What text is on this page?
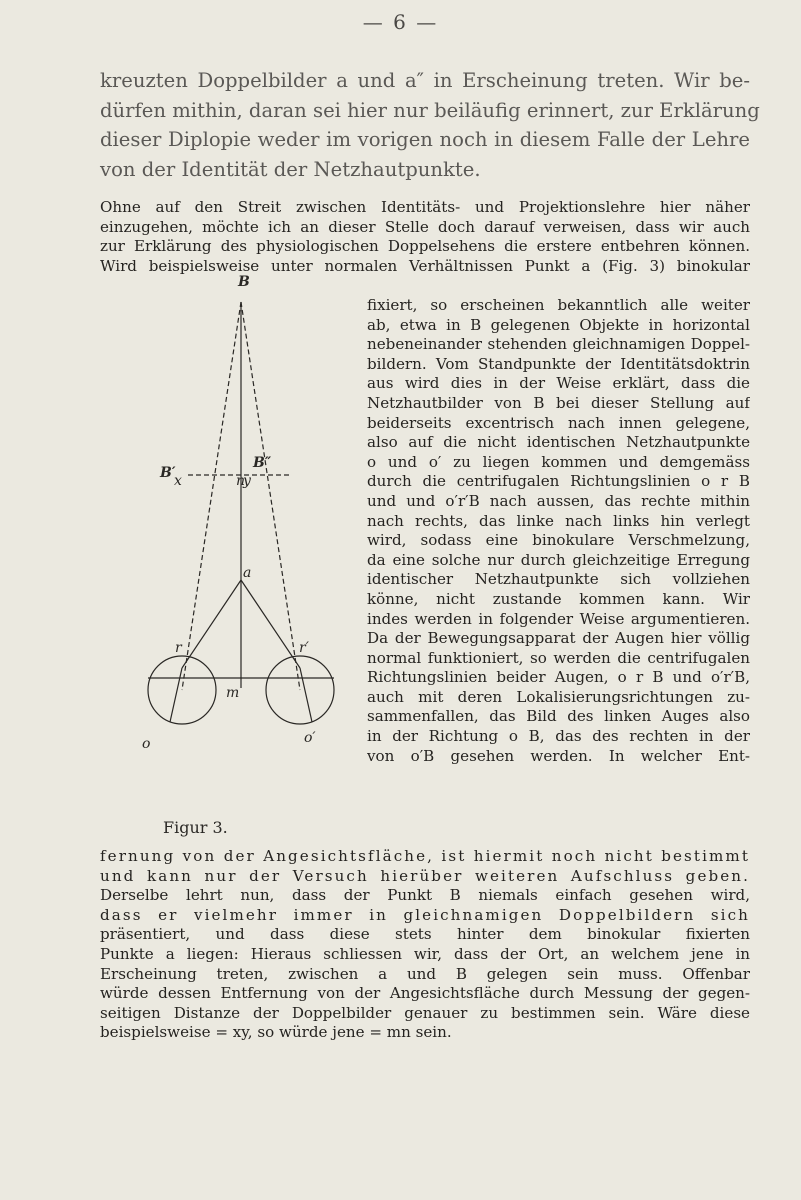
— 6 —
kreuzten Doppelbilder a und a″ in Erscheinung treten. Wir be-
dürfen mithin, daran sei hier nur beiläufig erinnert, zur Erklärung
dieser Diplopie weder im vorigen noch in diesem Falle der Lehre
von der Identität der Netzhautpunkte.
Ohne auf den Streit zwischen Identitäts- und Projektionslehre hier näher
einzugehen, möchte ich an dieser Stelle doch darauf verweisen, dass wir auch
zur Erklärung des physiologischen Doppelsehens die erstere entbehren können.
Wird beispielsweise unter normalen Verhältnissen Punkt a (Fig. 3) binokular
fixiert, so erscheinen bekanntlich alle weiter
ab, etwa in B gelegenen Objekte in horizontal
nebeneinander stehenden gleichnamigen Doppel-
bildern. Vom Standpunkte der Identitätsdoktrin
aus wird dies in der Weise erklärt, dass die
Netzhautbilder von B bei dieser Stellung auf
beiderseits excentrisch nach innen gelegene,
also auf die nicht identischen Netzhautpunkte
o und o′ zu liegen kommen und demgemäss
durch die centrifugalen Richtungslinien o r B
und und o′r′B nach aussen, das rechte mithin
nach rechts, das linke nach links hin verlegt
wird, sodass eine binokulare Verschmelzung,
da eine solche nur durch gleichzeitige Erregung
identischer Netzhautpunkte sich vollziehen
könne, nicht zustande kommen kann. Wir
indes werden in folgender Weise argumentieren.
Da der Bewegungsapparat der Augen hier völlig
normal funktioniert, so werden die centrifugalen
Richtungslinien beider Augen, o r B und o′r′B,
auch mit deren Lokalisierungsrichtungen zu-
sammenfallen, das Bild des linken Auges also
in der Richtung o B, das des rechten in der
von o′B gesehen werden. In welcher Ent-
B
B′
x	n
y
B″
a
r	r′
m
o	o′
Figur 3.
fernung von der Angesichtsfläche, ist hiermit noch nicht bestimmt
und kann nur der Versuch hierüber weiteren Aufschluss geben.
Derselbe lehrt nun, dass der Punkt B niemals einfach gesehen wird,
dass er vielmehr immer in gleichnamigen Doppelbildern sich
präsentiert, und dass diese stets hinter dem binokular fixierten
Punkte a liegen: Hieraus schliessen wir, dass der Ort, an welchem jene in
Erscheinung treten, zwischen a und B gelegen sein muss. Offenbar
würde dessen Entfernung von der Angesichtsfläche durch Messung der gegen-
seitigen Distanze der Doppelbilder genauer zu bestimmen sein. Wäre diese
beispielsweise = xy, so würde jene = mn sein.
